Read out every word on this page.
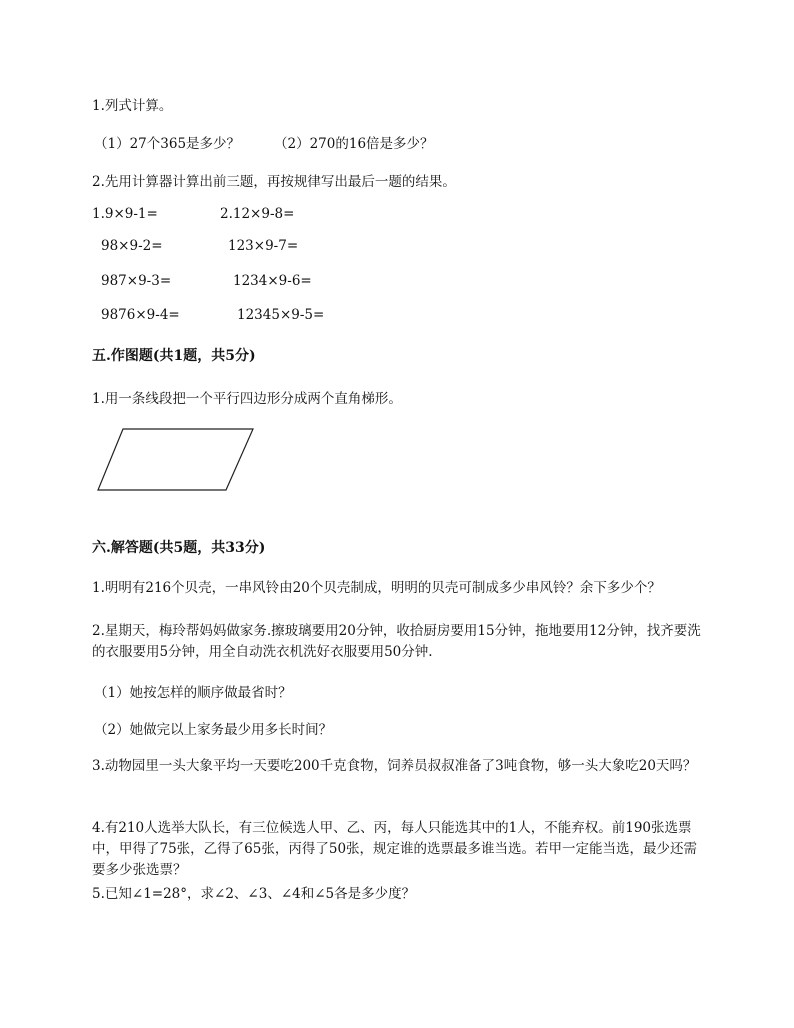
1.列式计算。
（1）27个365是多少？	（2）270的16倍是多少？
2.先用计算器计算出前三题，再按规律写出最后一题的结果。
1.9×9-1=	2.12×9-8=
98×9-2=	123×9-7=
987×9-3=	1234×9-6=
9876×9-4=	12345×9-5=
五.作图题(共1题，共5分)
1.用一条线段把一个平行四边形分成两个直角梯形。
六.解答题(共5题，共33分)
1.明明有216个贝壳，一串风铃由20个贝壳制成，明明的贝壳可制成多少串风铃？余下多少个？
2.星期天，梅玲帮妈妈做家务.擦玻璃要用20分钟，收拾厨房要用15分钟，拖地要用12分钟，找齐要洗的衣服要用5分钟，用全自动洗衣机洗好衣服要用50分钟.
（1）她按怎样的顺序做最省时？
（2）她做完以上家务最少用多长时间？
3.动物园里一头大象平均一天要吃200千克食物，饲养员叔叔准备了3吨食物，够一头大象吃20天吗？
4.有210人选举大队长，有三位候选人甲、乙、丙，每人只能选其中的1人，不能弃权。前190张选票中，甲得了75张，乙得了65张，丙得了50张，规定谁的选票最多谁当选。若甲一定能当选，最少还需要多少张选票？
5.已知∠1=28°，求∠2、∠3、∠4和∠5各是多少度？
